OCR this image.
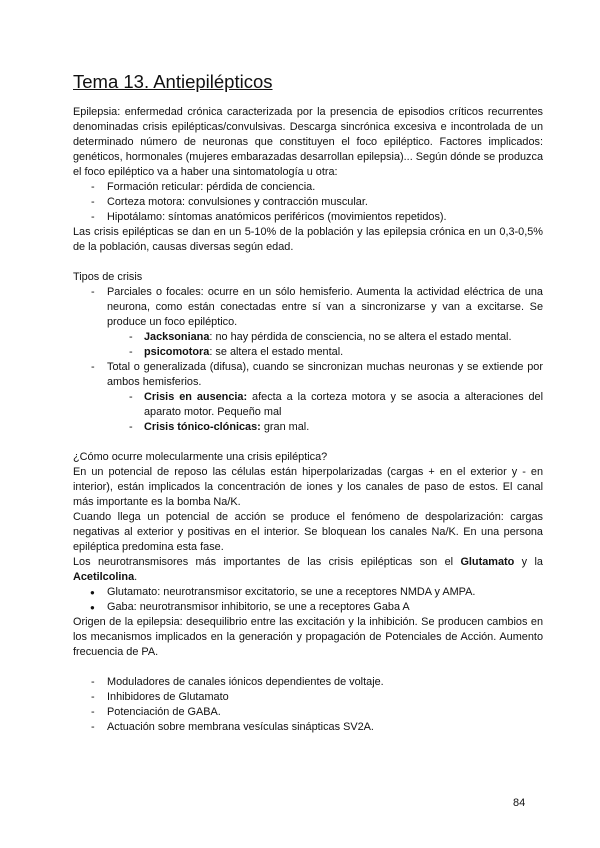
Tema 13. Antiepilépticos

Epilepsia: enfermedad crónica caracterizada por la presencia de episodios críticos recurrentes denominadas crisis epilépticas/convulsivas. Descarga sincrónica excesiva e incontrolada de un determinado número de neuronas que constituyen el foco epiléptico. Factores implicados: genéticos, hormonales (mujeres embarazadas desarrollan epilepsia)... Según dónde se produzca el foco epiléptico va a haber una sintomatología u otra:

- Formación reticular: pérdida de conciencia.
- Corteza motora: convulsiones y contracción muscular.
- Hipotálamo: síntomas anatómicos periféricos (movimientos repetidos).

Las crisis epilépticas se dan en un 5-10% de la población y las epilepsia crónica en un 0,3-0,5% de la población, causas diversas según edad.

Tipos de crisis

- Parciales o focales: ocurre en un sólo hemisferio. Aumenta la actividad eléctrica de una neurona, como están conectadas entre sí van a sincronizarse y van a excitarse. Se produce un foco epiléptico.
- Jacksoniana: no hay pérdida de consciencia, no se altera el estado mental.
- psicomotora: se altera el estado mental.
- Total o generalizada (difusa), cuando se sincronizan muchas neuronas y se extiende por ambos hemisferios.
- Crisis en ausencia: afecta a la corteza motora y se asocia a alteraciones del aparato motor. Pequeño mal
- Crisis tónico-clónicas: gran mal.

¿Cómo ocurre molecularmente una crisis epiléptica?

En un potencial de reposo las células están hiperpolarizadas (cargas + en el exterior y - en interior), están implicados la concentración de iones y los canales de paso de estos. El canal más importante es la bomba Na/K.

Cuando llega un potencial de acción se produce el fenómeno de despolarización: cargas negativas al exterior y positivas en el interior. Se bloquean los canales Na/K. En una persona epiléptica predomina esta fase.

Los neurotransmisores más importantes de las crisis epilépticas son el Glutamato y la Acetilcolina.

● Glutamato: neurotransmisor excitatorio, se une a receptores NMDA y AMPA.
● Gaba: neurotransmisor inhibitorio, se une a receptores Gaba A

Origen de la epilepsia: desequilibrio entre las excitación y la inhibición. Se producen cambios en los mecanismos implicados en la generación y propagación de Potenciales de Acción. Aumento frecuencia de PA.

- Moduladores de canales iónicos dependientes de voltaje.
- Inhibidores de Glutamato
- Potenciación de GABA.
- Actuación sobre membrana vesículas sinápticas SV2A.
84
